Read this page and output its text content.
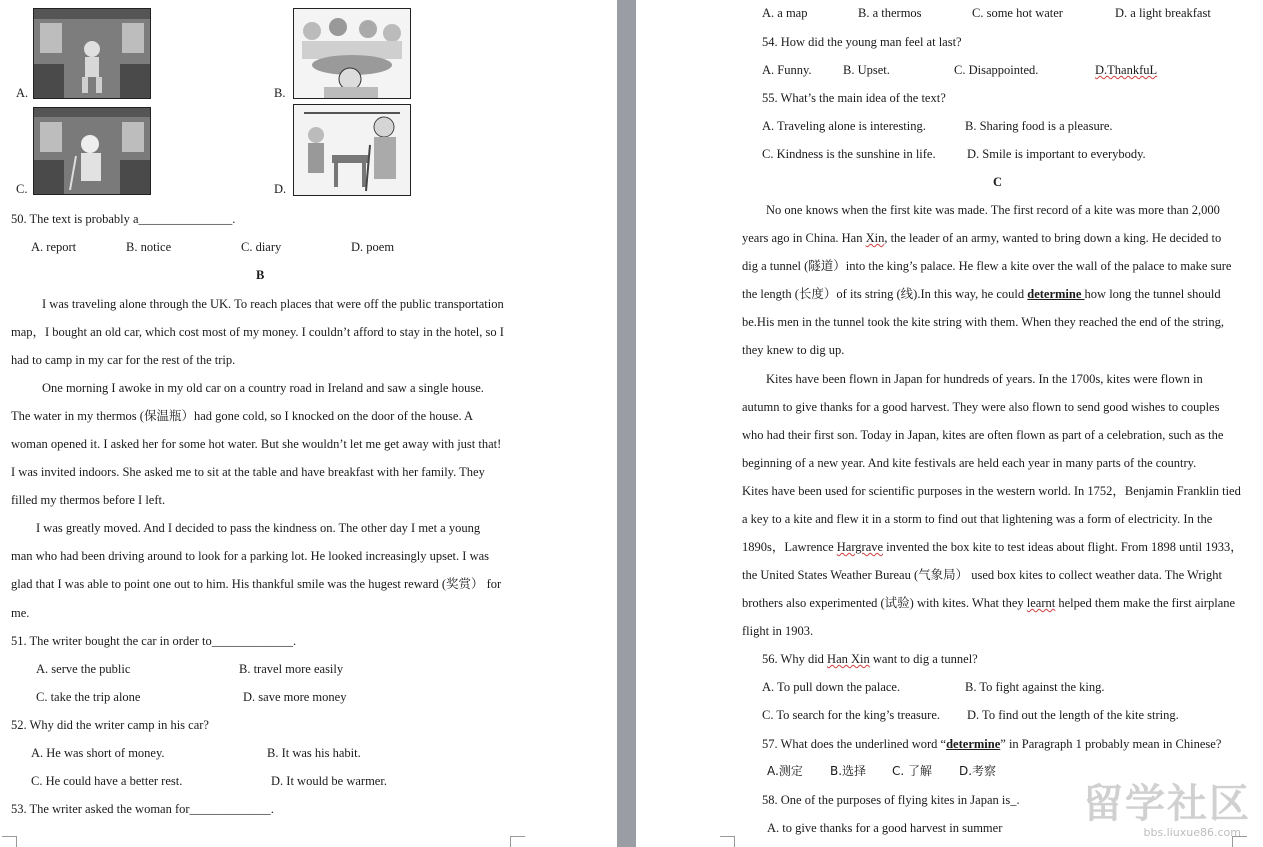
A.	B.
C.	D.
50. The text is probably a_______________.
A. report	B. notice	C. diary	D. poem
B
I was traveling alone through the UK. To reach places that were off the public transportation
map，I bought an old car, which cost most of my money. I couldn’t afford to stay in the hotel, so I
had to camp in my car for the rest of the trip.
One morning I awoke in my old car on a country road in Ireland and saw a single house.
The water in my thermos (保温瓶）had gone cold, so I knocked on the door of the house. A
woman opened it. I asked her for some hot water. But she wouldn’t let me get away with just that!
I was invited indoors. She asked me to sit at the table and have breakfast with her family. They
filled my thermos before I left.
I was greatly moved. And I decided to pass the kindness on. The other day I met a young
man who had been driving around to look for a parking lot. He looked increasingly upset. I was
glad that I was able to point one out to him. His thankful smile was the hugest reward (奖赏） for
me.
51. The writer bought the car in order to_____________.
A. serve the public	B. travel more easily
C. take the trip alone	D. save more money
52. Why did the writer camp in his car?
A. He was short of money.	B. It was his habit.
C. He could have a better rest.	D. It would be warmer.
53. The writer asked the woman for_____________.
A. a map	B. a thermos	C. some hot water	D. a light breakfast
54. How did the young man feel at last?
A. Funny.	B. Upset.	C. Disappointed.	D.ThankfuL
55. What’s the main idea of the text?
A. Traveling alone is interesting.	B. Sharing food is a pleasure.
C. Kindness is the sunshine in life.	D. Smile is important to everybody.
C
No one knows when the first kite was made. The first record of a kite was more than 2,000
years ago in China. Han Xin, the leader of an army, wanted to bring down a king. He decided to
dig a tunnel (隧道）into the king’s palace. He flew a kite over the wall of the palace to make sure
the length (长度）of its string (线).In this way, he could determine how long the tunnel should
be.His men in the tunnel took the kite string with them. When they reached the end of the string,
they knew to dig up.
Kites have been flown in Japan for hundreds of years. In the 1700s, kites were flown in
autumn to give thanks for a good harvest. They were also flown to send good wishes to couples
who had their first son. Today in Japan, kites are often flown as part of a celebration, such as the
beginning of a new year. And kite festivals are held each year in many parts of the country.
Kites have been used for scientific purposes in the western world. In 1752，Benjamin Franklin tied
a key to a kite and flew it in a storm to find out that lightening was a form of electricity. In the
1890s，Lawrence Hargrave invented the box kite to test ideas about flight. From 1898 until 1933，
the United States Weather Bureau (气象局） used box kites to collect weather data. The Wright
brothers also experimented (试验) with kites. What they learnt helped them make the first airplane
flight in 1903.
56. Why did Han Xin want to dig a tunnel?
A. To pull down the palace.	B. To fight against the king.
C. To search for the king’s treasure. D. To find out the length of the kite string.
57. What does the underlined word “determine” in Paragraph 1 probably mean in Chinese?
A.测定 B.选择 C. 了解 D.考察
58. One of the purposes of flying kites in Japan is_.
A. to give thanks for a good harvest in summer
留学社区
bbs.liuxue86.com
